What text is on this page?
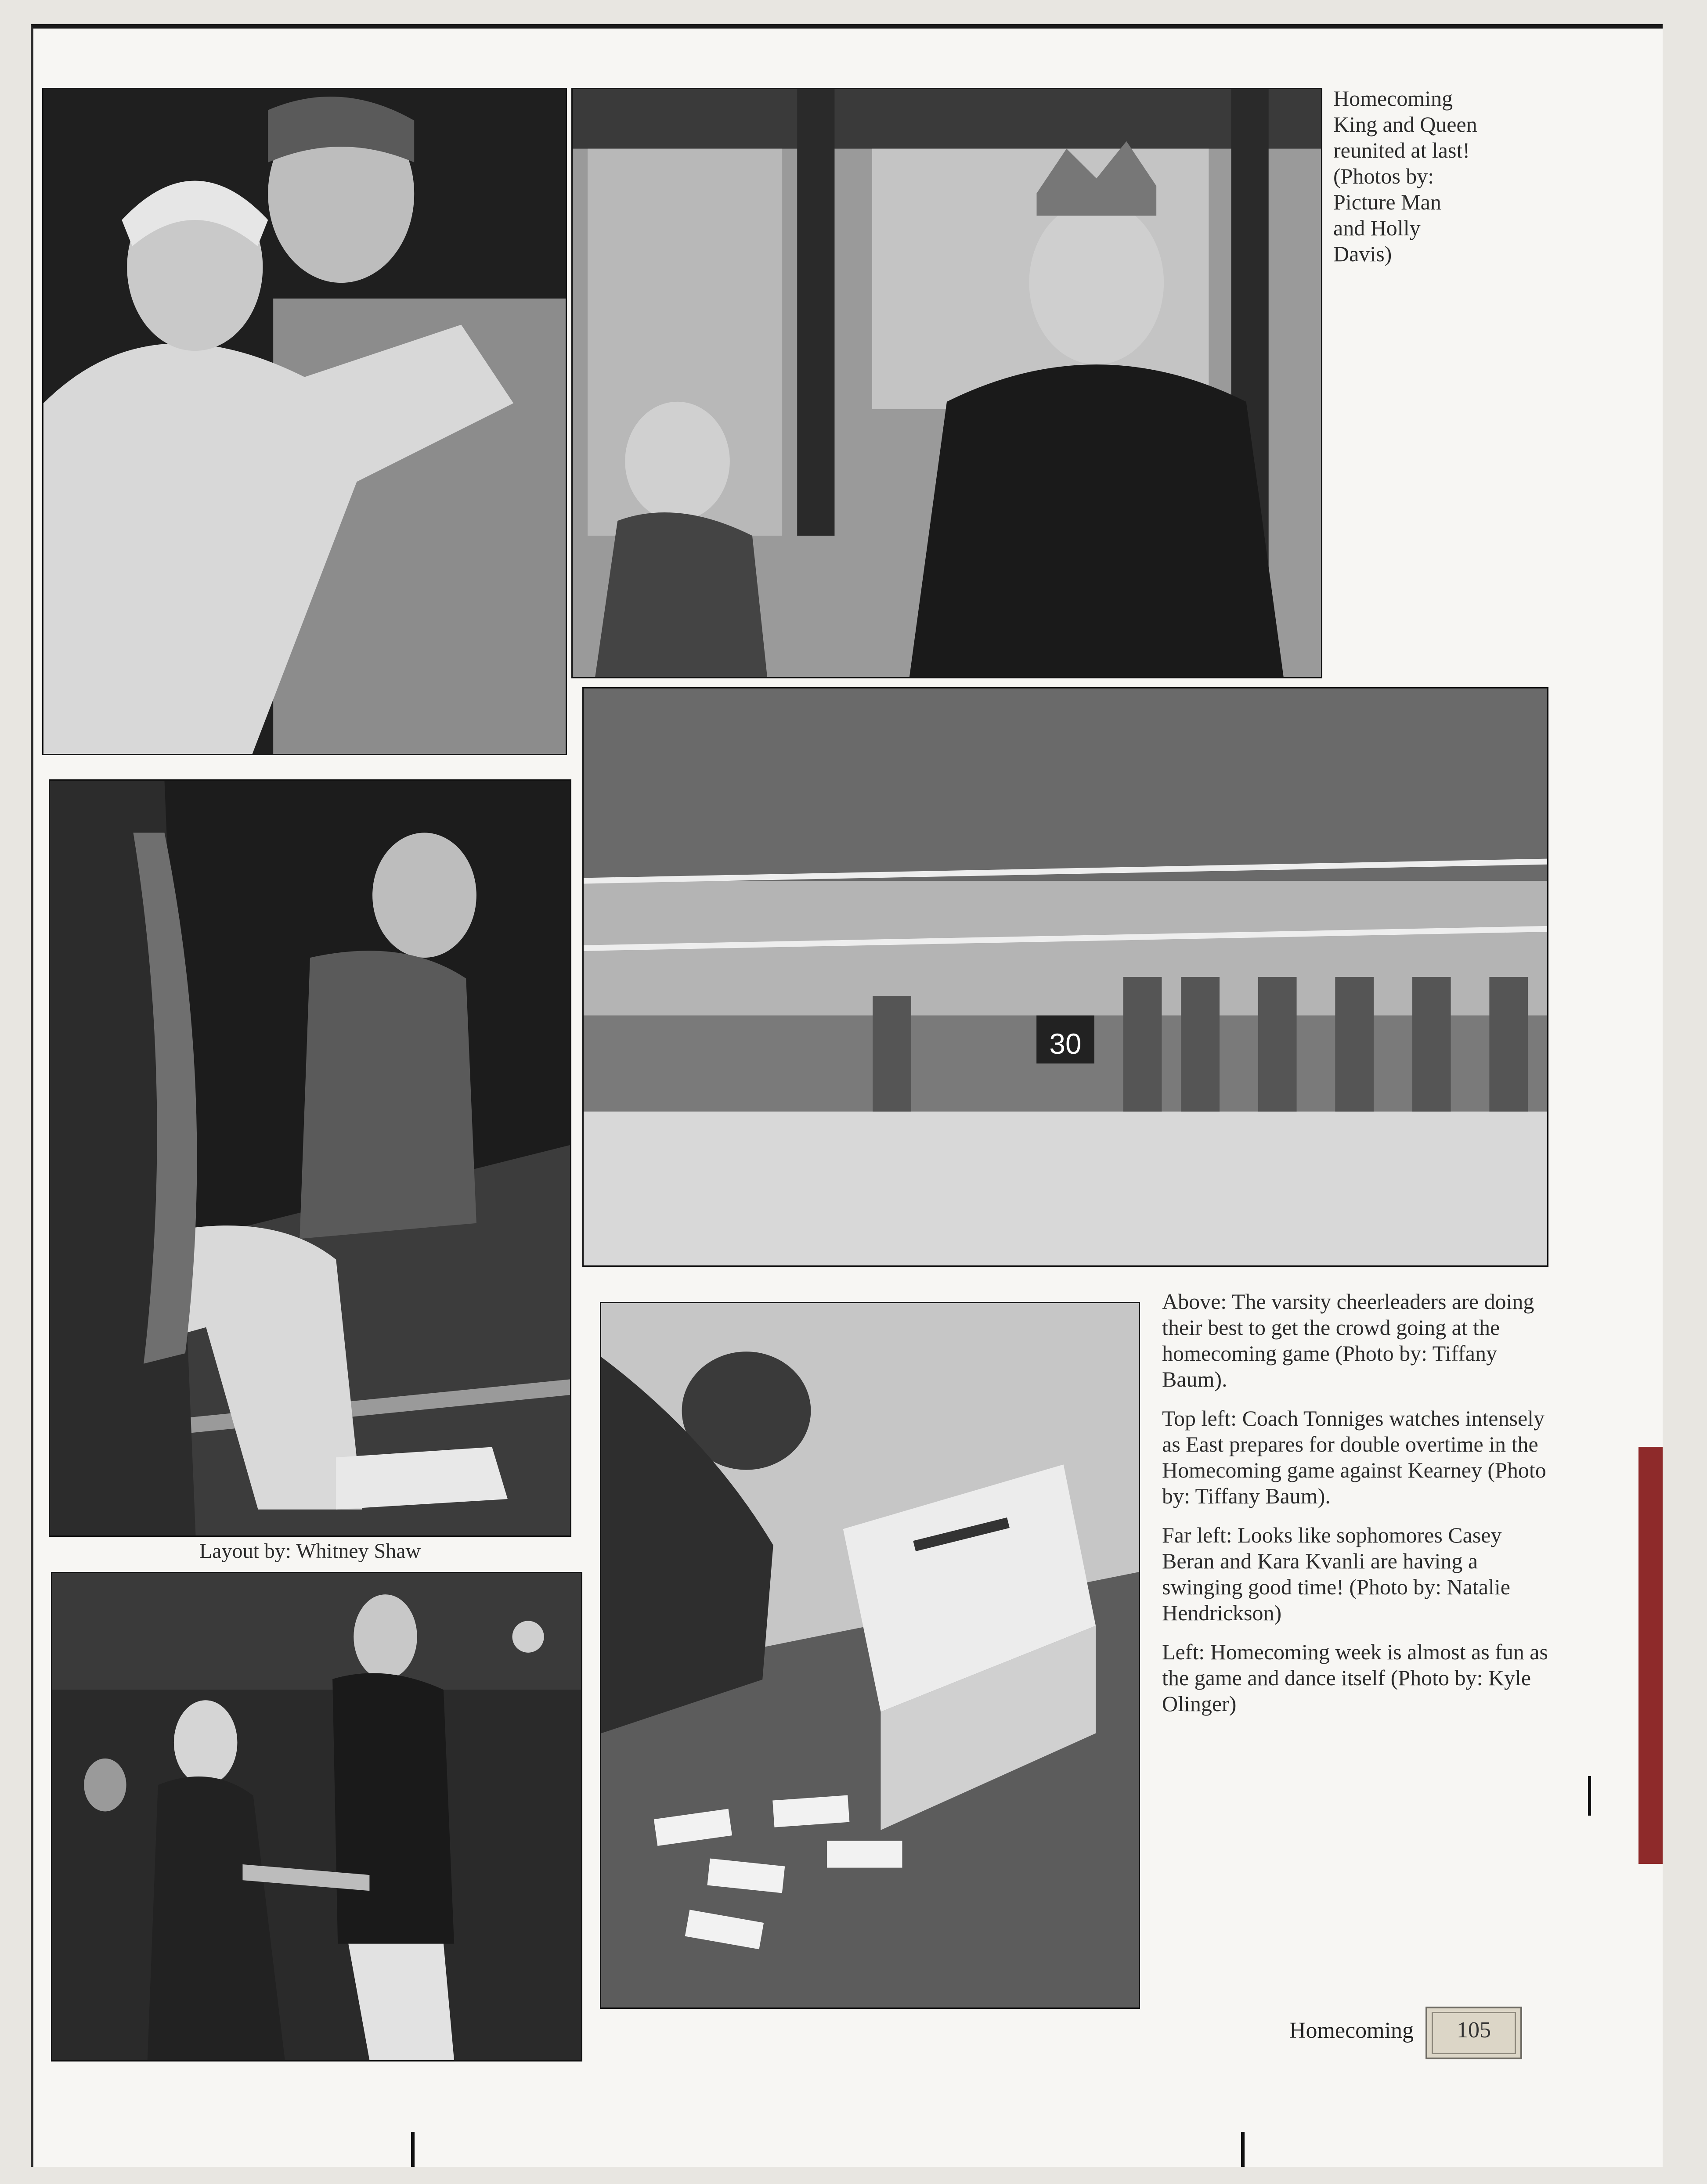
Layout by: Whitney Shaw
30
Homecoming King and Queen reunited at last! (Photos by: Picture Man and Holly Davis)

Above: The varsity cheerleaders are doing their best to get the crowd going at the homecoming game (Photo by: Tiffany Baum).

Top left: Coach Tonniges watches intensely as East prepares for double overtime in the Homecoming game against Kearney (Photo by: Tiffany Baum).

Far left: Looks like sophomores Casey Beran and Kara Kvanli are having a swinging good time! (Photo by: Natalie Hendrickson)

Left: Homecoming week is almost as fun as the game and dance itself (Photo by: Kyle Olinger)

Homecoming	105
